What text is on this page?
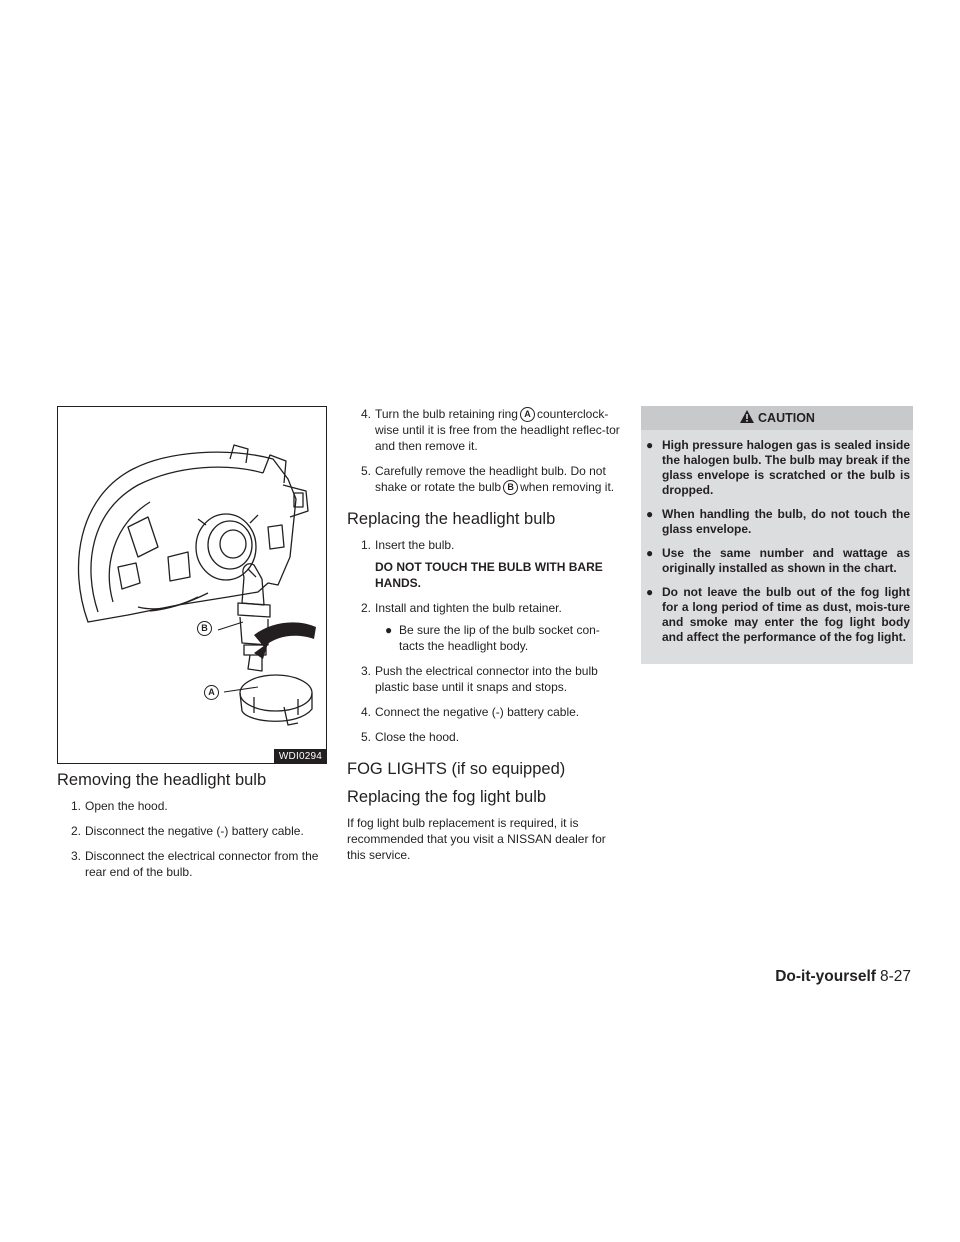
B
A
WDI0294
Removing the headlight bulb
1. Open the hood.
2. Disconnect the negative (-) battery cable.
3. Disconnect the electrical connector from the rear end of the bulb.
4. Turn the bulb retaining ring A counterclock-wise until it is free from the headlight reflec-tor and then remove it.
5. Carefully remove the headlight bulb. Do not shake or rotate the bulb B when removing it.
Replacing the headlight bulb
1. Insert the bulb.
DO NOT TOUCH THE BULB WITH BARE HANDS.
2. Install and tighten the bulb retainer.
● Be sure the lip of the bulb socket con-tacts the headlight body.
3. Push the electrical connector into the bulb plastic base until it snaps and stops.
4. Connect the negative (-) battery cable.
5. Close the hood.
FOG LIGHTS (if so equipped)
Replacing the fog light bulb

If fog light bulb replacement is required, it is recommended that you visit a NISSAN dealer for this service.

CAUTION
● High pressure halogen gas is sealed inside the halogen bulb. The bulb may break if the glass envelope is scratched or the bulb is dropped.
● When handling the bulb, do not touch the glass envelope.
● Use the same number and wattage as originally installed as shown in the chart.
● Do not leave the bulb out of the fog light for a long period of time as dust, mois-ture and smoke may enter the fog light body and affect the performance of the fog light.
Do-it-yourself 8-27
